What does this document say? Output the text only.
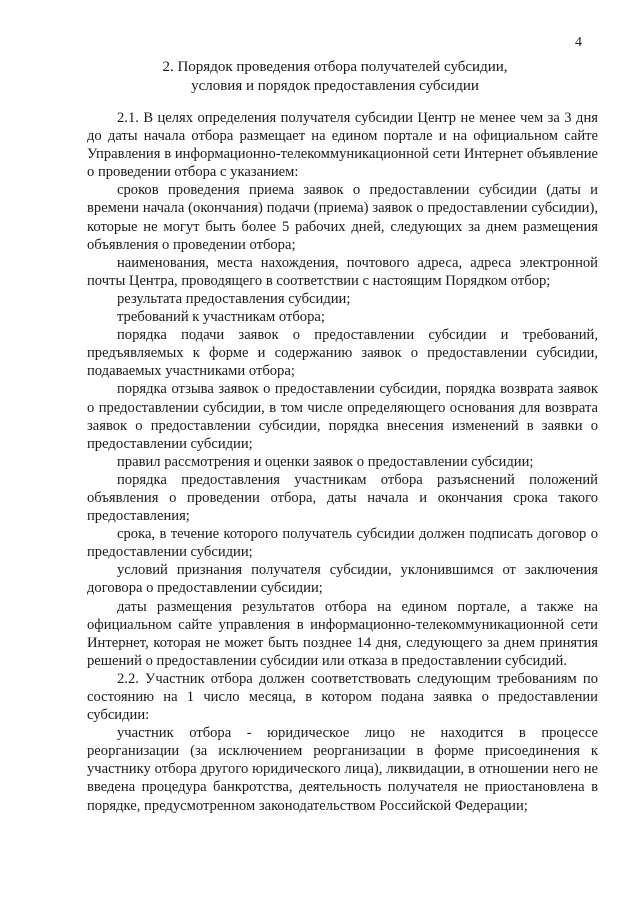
4
2. Порядок проведения отбора получателей субсидии,
условия и порядок предоставления субсидии

2.1. В целях определения получателя субсидии Центр не менее чем за 3 дня до даты начала отбора размещает на едином портале и на официальном сайте Управления в информационно-телекоммуникационной сети Интернет объявление о проведении отбора с указанием:

сроков проведения приема заявок о предоставлении субсидии (даты и времени начала (окончания) подачи (приема) заявок о предоставлении субсидии), которые не могут быть более 5 рабочих дней, следующих за днем размещения объявления о проведении отбора;

наименования, места нахождения, почтового адреса, адреса электронной почты Центра, проводящего в соответствии с настоящим Порядком отбор;

результата предоставления субсидии;

требований к участникам отбора;

порядка подачи заявок о предоставлении субсидии и требований, предъявляемых к форме и содержанию заявок о предоставлении субсидии, подаваемых участниками отбора;

порядка отзыва заявок о предоставлении субсидии, порядка возврата заявок о предоставлении субсидии, в том числе определяющего основания для возврата заявок о предоставлении субсидии, порядка внесения изменений в заявки о предоставлении субсидии;

правил рассмотрения и оценки заявок о предоставлении субсидии;

порядка предоставления участникам отбора разъяснений положений объявления о проведении отбора, даты начала и окончания срока такого предоставления;

срока, в течение которого получатель субсидии должен подписать договор о предоставлении субсидии;

условий признания получателя субсидии, уклонившимся от заключения договора о предоставлении субсидии;

даты размещения результатов отбора на едином портале, а также на официальном сайте управления в информационно-телекоммуникационной сети Интернет, которая не может быть позднее 14 дня, следующего за днем принятия решений о предоставлении субсидии или отказа в предоставлении субсидий.

2.2. Участник отбора должен соответствовать следующим требованиям по состоянию на 1 число месяца, в котором подана заявка о предоставлении субсидии:

участник отбора - юридическое лицо не находится в процессе реорганизации (за исключением реорганизации в форме присоединения к участнику отбора другого юридического лица), ликвидации, в отношении него не введена процедура банкротства, деятельность получателя не приостановлена в порядке, предусмотренном законодательством Российской Федерации;
